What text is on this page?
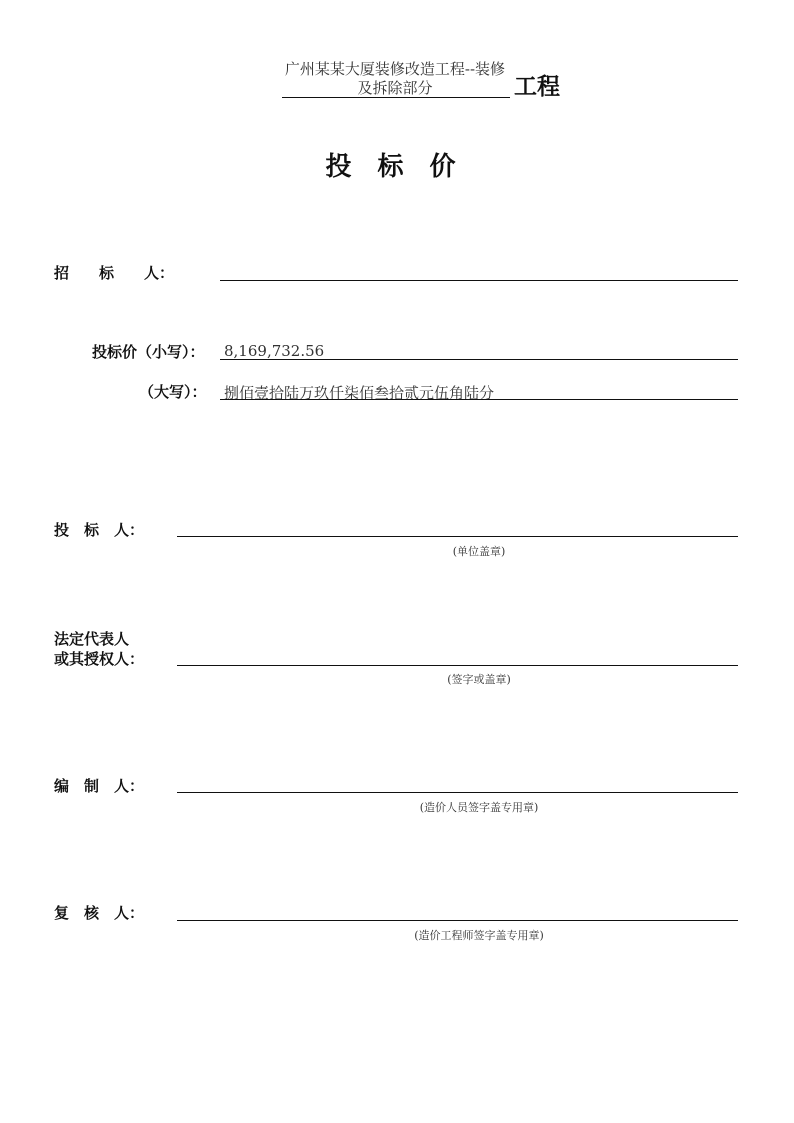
广州某某大厦装修改造工程--装修及拆除部分	工程
投标价
招　　标　　人：
投标价（小写）： 8,169,732.56
（大写）： 捌佰壹拾陆万玖仟柒佰叁拾贰元伍角陆分
投　标　人：
(单位盖章)
法定代表人
或其授权人：
(签字或盖章)
编　制　人：
(造价人员签字盖专用章)
复　核　人：
(造价工程师签字盖专用章)
